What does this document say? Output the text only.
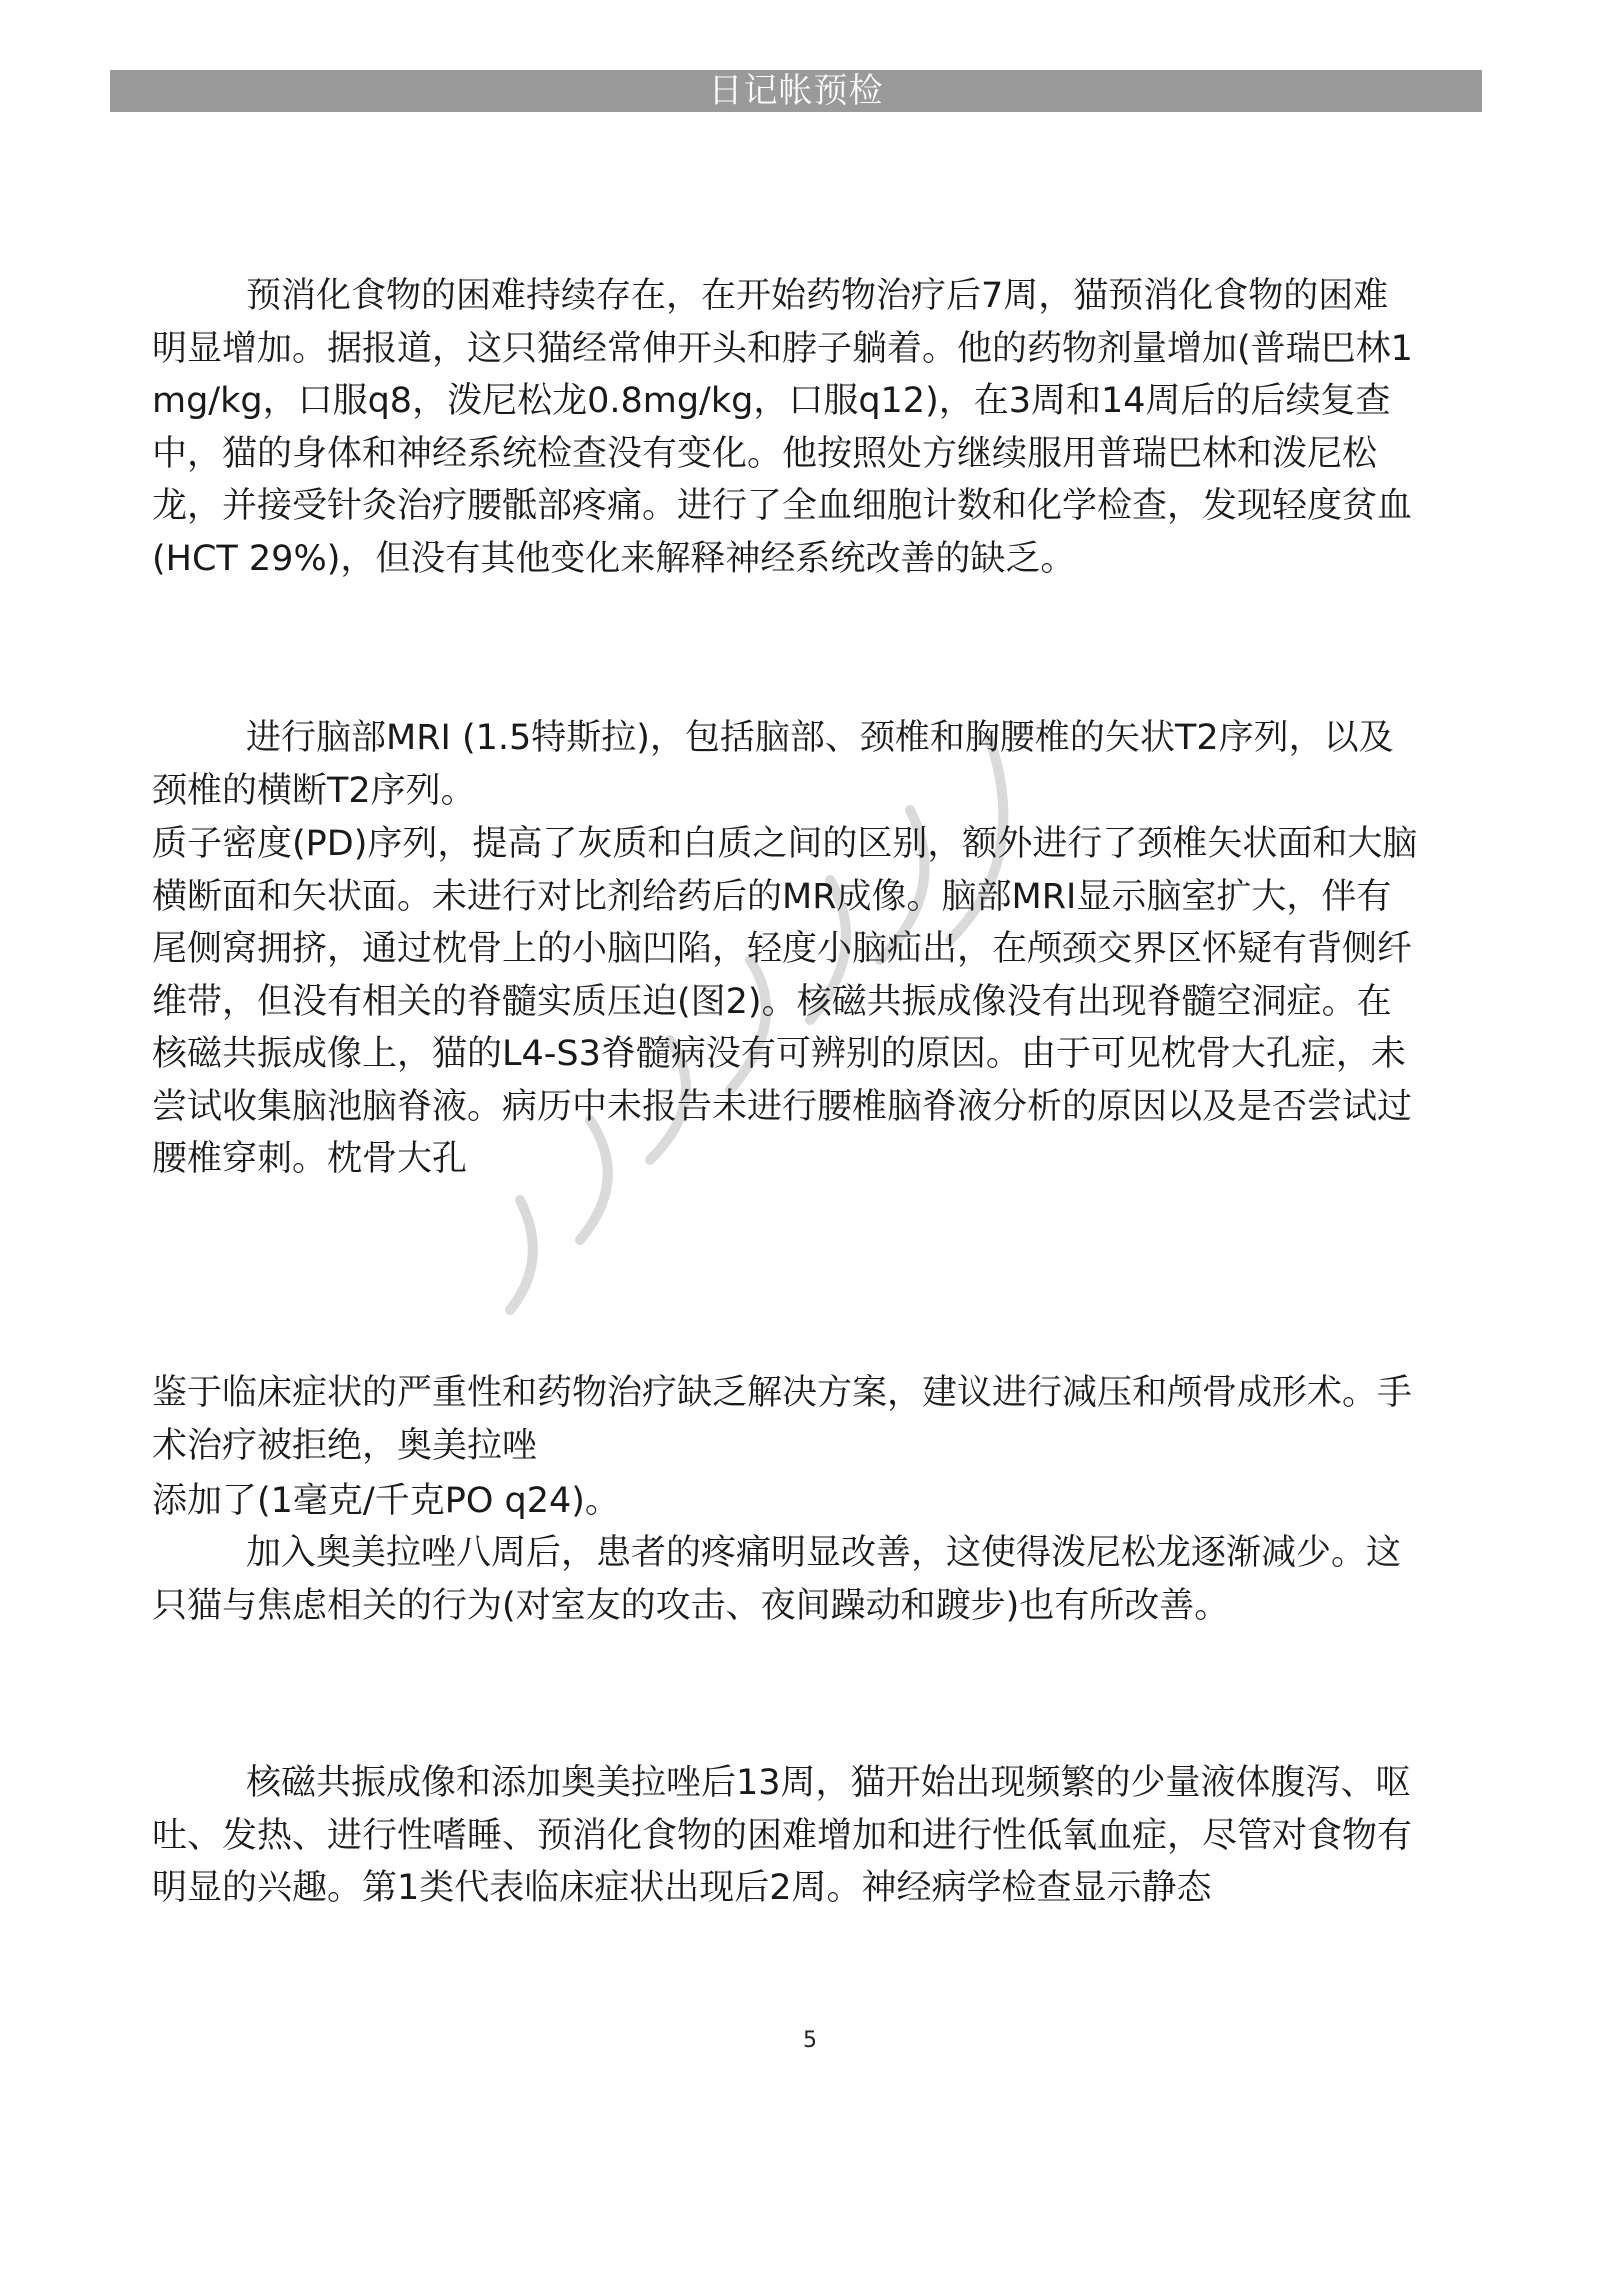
日记帐预检

预消化食物的困难持续存在，在开始药物治疗后7周，猫预消化食物的困难明显增加。据报道，这只猫经常伸开头和脖子躺着。他的药物剂量增加(普瑞巴林1mg/kg，口服q8，泼尼松龙0.8mg/kg，口服q12)，在3周和14周后的后续复查中，猫的身体和神经系统检查没有变化。他按照处方继续服用普瑞巴林和泼尼松龙，并接受针灸治疗腰骶部疼痛。进行了全血细胞计数和化学检查，发现轻度贫血(HCT 29%)，但没有其他变化来解释神经系统改善的缺乏。

进行脑部MRI (1.5特斯拉)，包括脑部、颈椎和胸腰椎的矢状T2序列，以及颈椎的横断T2序列。

质子密度(PD)序列，提高了灰质和白质之间的区别，额外进行了颈椎矢状面和大脑横断面和矢状面。未进行对比剂给药后的MR成像。脑部MRI显示脑室扩大，伴有尾侧窝拥挤，通过枕骨上的小脑凹陷，轻度小脑疝出，在颅颈交界区怀疑有背侧纤维带，但没有相关的脊髓实质压迫(图2)。核磁共振成像没有出现脊髓空洞症。在核磁共振成像上，猫的L4-S3脊髓病没有可辨别的原因。由于可见枕骨大孔症，未尝试收集脑池脑脊液。病历中未报告未进行腰椎脑脊液分析的原因以及是否尝试过腰椎穿刺。枕骨大孔

鉴于临床症状的严重性和药物治疗缺乏解决方案，建议进行减压和颅骨成形术。手术治疗被拒绝，奥美拉唑

添加了(1毫克/千克PO q24)。

加入奥美拉唑八周后，患者的疼痛明显改善，这使得泼尼松龙逐渐减少。这只猫与焦虑相关的行为(对室友的攻击、夜间躁动和踱步)也有所改善。

核磁共振成像和添加奥美拉唑后13周，猫开始出现频繁的少量液体腹泻、呕吐、发热、进行性嗜睡、预消化食物的困难增加和进行性低氧血症，尽管对食物有明显的兴趣。第1类代表临床症状出现后2周。神经病学检查显示静态

5
